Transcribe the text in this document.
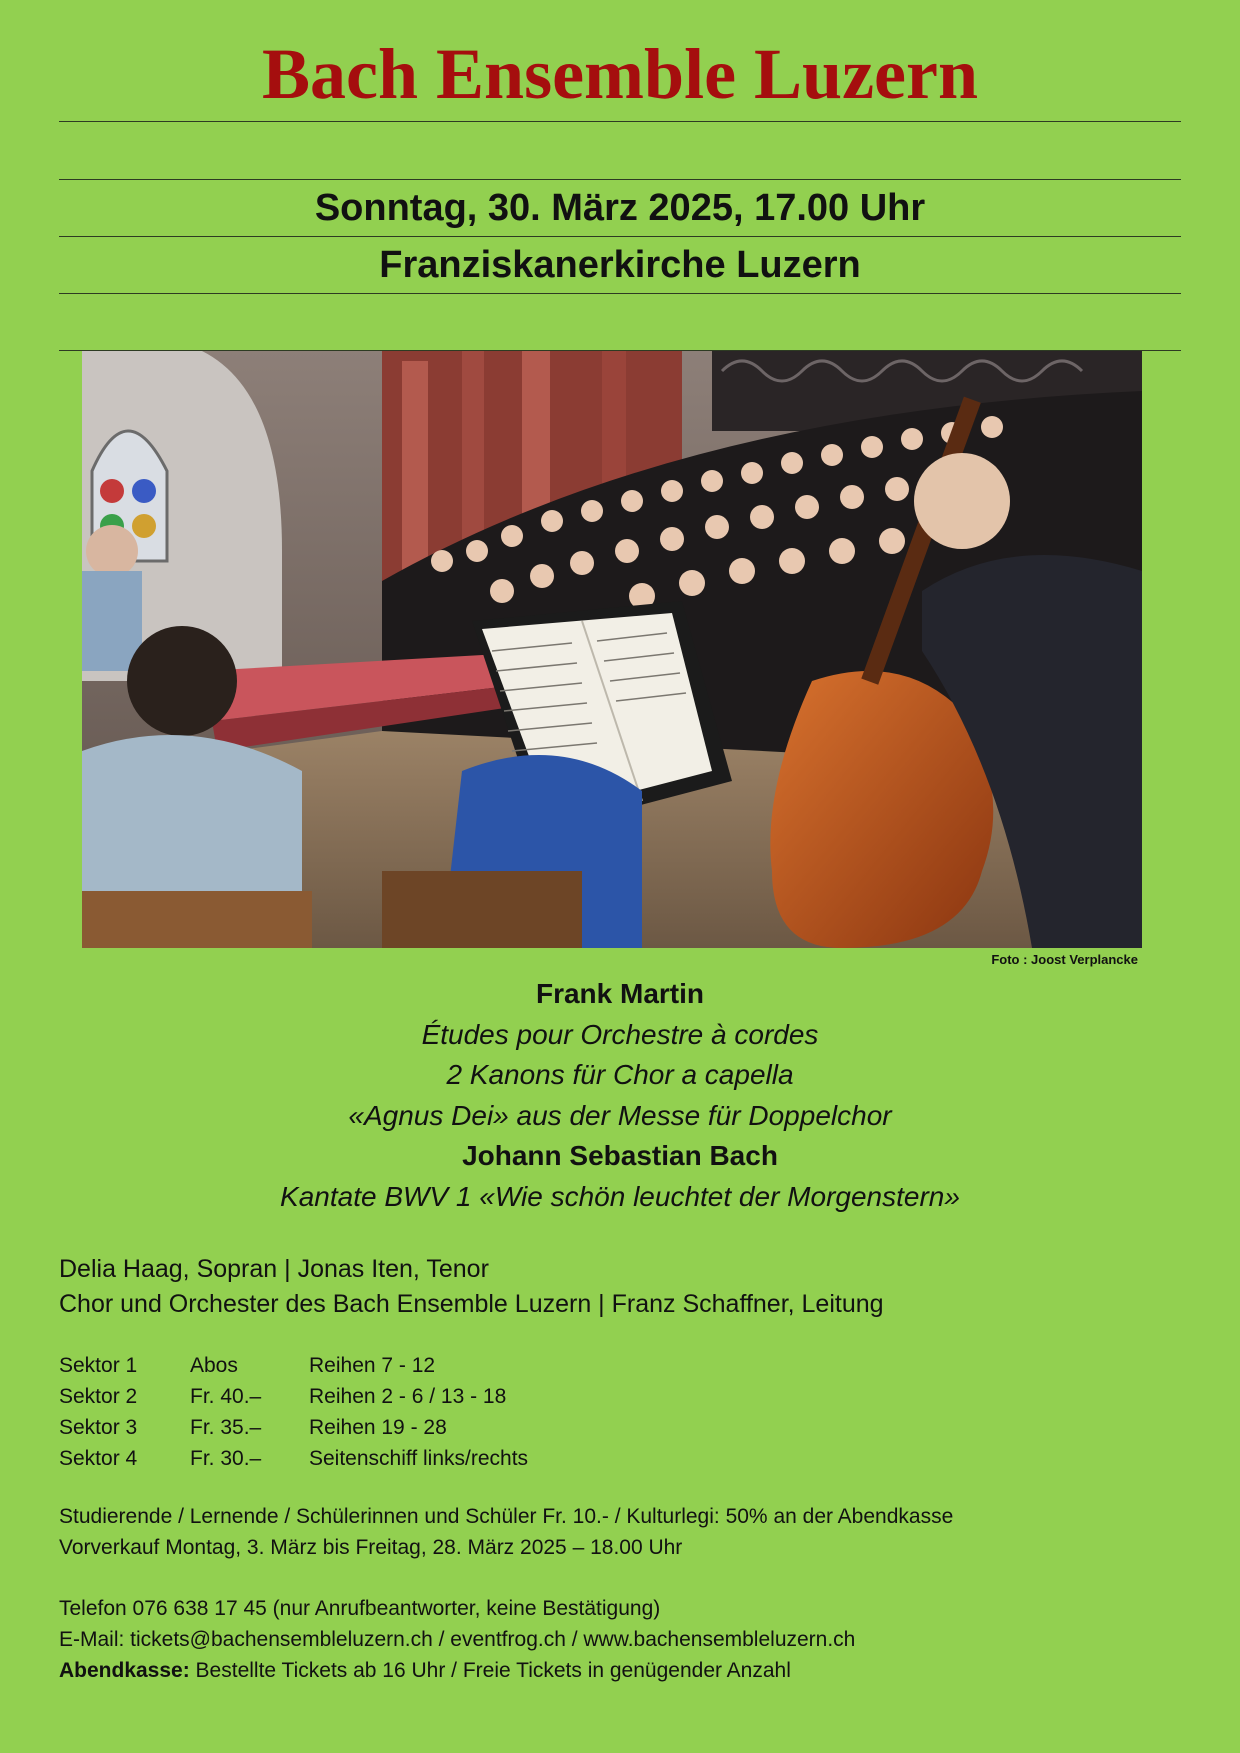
Bach Ensemble Luzern
Sonntag, 30. März 2025, 17.00 Uhr
Franziskanerkirche Luzern
Foto : Joost Verplancke
Frank Martin
Études pour Orchestre à cordes
2 Kanons für Chor a capella
«Agnus Dei» aus der Messe für Doppelchor
Johann Sebastian Bach
Kantate BWV 1 «Wie schön leuchtet der Morgenstern»
Delia Haag, Sopran | Jonas Iten, Tenor
Chor und Orchester des Bach Ensemble Luzern | Franz Schaffner, Leitung
Sektor 1	Abos	Reihen 7 - 12
Sektor 2	Fr. 40.–	Reihen 2 - 6 / 13 - 18
Sektor 3	Fr. 35.–	Reihen 19 - 28
Sektor 4	Fr. 30.–	Seitenschiff links/rechts
Studierende / Lernende / Schülerinnen und Schüler Fr. 10.- / Kulturlegi: 50% an der Abendkasse
Vorverkauf Montag, 3. März bis Freitag, 28. März 2025 – 18.00 Uhr
Telefon 076 638 17 45 (nur Anrufbeantworter, keine Bestätigung)
E-Mail: tickets@bachensembleluzern.ch / eventfrog.ch / www.bachensembleluzern.ch
Abendkasse: Bestellte Tickets ab 16 Uhr / Freie Tickets in genügender Anzahl
